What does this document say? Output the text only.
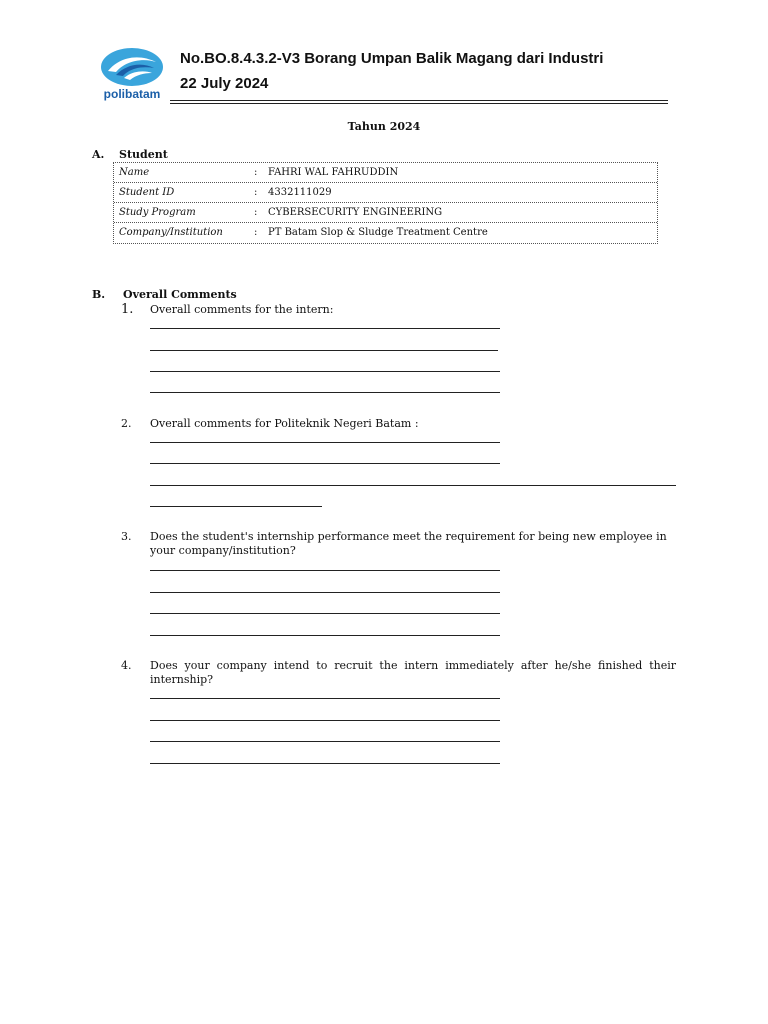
polibatam
No.BO.8.4.3.2-V3 Borang Umpan Balik Magang dari Industri
22 July 2024
Tahun 2024
A. Student
Name	: FAHRI WAL FAHRUDDIN
Student ID	: 4332111029
Study Program	: CYBERSECURITY ENGINEERING
Company/Institution	: PT Batam Slop & Sludge Treatment Centre
B. Overall Comments
1. Overall comments for the intern:
2. Overall comments for Politeknik Negeri Batam :
3. Does the student's internship performance meet the requirement for being new employee in your company/institution?
4. Does your company intend to recruit the intern immediately after he/she finished their internship?
